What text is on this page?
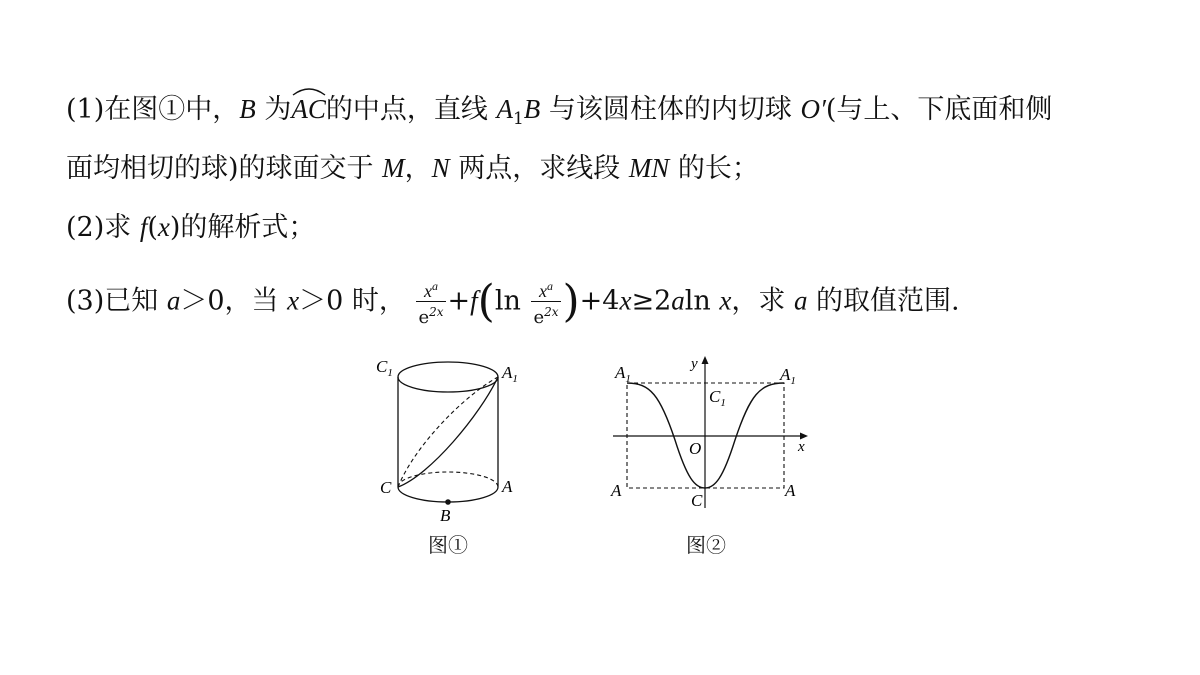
(1)在图①中，B 为
AC的中点，直线 $A_1B$ 与该圆柱体的内切球 O′(与上、下底面和侧
面均相切的球)的球面交于 M，N 两点，求线段 MN 的长；
(2)求 f(x)的解析式；
(3)已知 a＞0，当 x＞0 时， $\frac{x^a}{e^{2x}} +f(\ln \frac{x^a}{e^{2x}} )+4x\ge 2aln$ x，求 a 的取值范围.
$C_1$	$A_1$
C	A
B
图①
$A_1$	$A_1$
y
x
$C_1$
O
A	A
C
图②
